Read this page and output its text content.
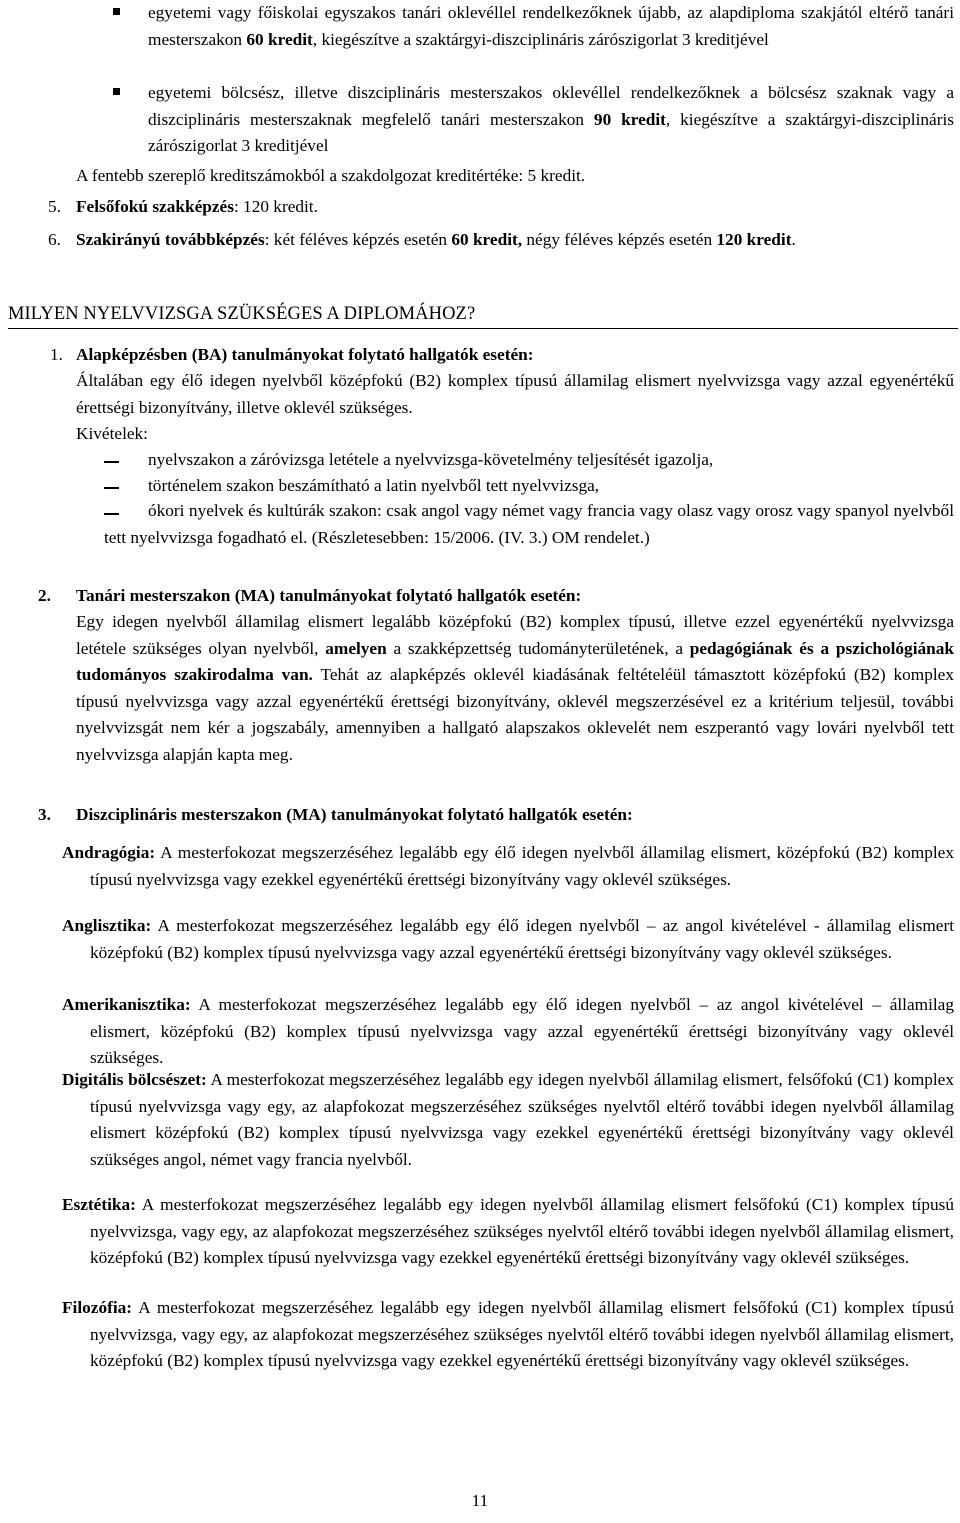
egyetemi vagy főiskolai egyszakos tanári oklevéllel rendelkezőknek újabb, az alapdiploma szakjától eltérő tanári mesterszakon 60 kredit, kiegészítve a szaktárgyi-diszciplináris zárószigorlat 3 kreditjével
egyetemi bölcsész, illetve diszciplináris mesterszakos oklevéllel rendelkezőknek a bölcsész szaknak vagy a diszciplináris mesterszaknak megfelelő tanári mesterszakon 90 kredit, kiegészítve a szaktárgyi-diszciplináris zárószigorlat 3 kreditjével
A fentebb szereplő kreditszámokból a szakdolgozat kreditértéke: 5 kredit.
5. Felsőfokú szakképzés: 120 kredit.
6. Szakirányú továbbképzés: két féléves képzés esetén 60 kredit, négy féléves képzés esetén 120 kredit.
MILYEN NYELVVIZSGA SZÜKSÉGES A DIPLOMÁHOZ?
1. Alapképzésben (BA) tanulmányokat folytató hallgatók esetén:
Általában egy élő idegen nyelvből középfokú (B2) komplex típusú államilag elismert nyelvvizsga vagy azzal egyenértékű érettségi bizonyítvány, illetve oklevél szükséges.
Kivételek:
nyelvszakon a záróvizsga letétele a nyelvvizsga-követelmény teljesítését igazolja,
történelem szakon beszámítható a latin nyelvből tett nyelvvizsga,
ókori nyelvek és kultúrák szakon: csak angol vagy német vagy francia vagy olasz vagy orosz vagy spanyol nyelvből tett nyelvvizsga fogadható el. (Részletesebben: 15/2006. (IV. 3.) OM rendelet.)
2. Tanári mesterszakon (MA) tanulmányokat folytató hallgatók esetén:
Egy idegen nyelvből államilag elismert legalább középfokú (B2) komplex típusú, illetve ezzel egyenértékű nyelvvizsga letétele szükséges olyan nyelvből, amelyen a szakképzettség tudományterületének, a pedagógiának és a pszichológiának tudományos szakirodalma van. Tehát az alapképzés oklevél kiadásának feltételéül támasztott középfokú (B2) komplex típusú nyelvvizsga vagy azzal egyenértékű érettségi bizonyítvány, oklevél megszerzésével ez a kritérium teljesül, további nyelvvizsgát nem kér a jogszabály, amennyiben a hallgató alapszakos oklevelét nem eszperantó vagy lovári nyelvből tett nyelvvizsga alapján kapta meg.
3. Diszciplináris mesterszakon (MA) tanulmányokat folytató hallgatók esetén:
Andragógia: A mesterfokozat megszerzéséhez legalább egy élő idegen nyelvből államilag elismert, középfokú (B2) komplex típusú nyelvvizsga vagy ezekkel egyenértékű érettségi bizonyítvány vagy oklevél szükséges.
Anglisztika: A mesterfokozat megszerzéséhez legalább egy élő idegen nyelvből – az angol kivételével - államilag elismert középfokú (B2) komplex típusú nyelvvizsga vagy azzal egyenértékű érettségi bizonyítvány vagy oklevél szükséges.
Amerikanisztika: A mesterfokozat megszerzéséhez legalább egy élő idegen nyelvből – az angol kivételével – államilag elismert, középfokú (B2) komplex típusú nyelvvizsga vagy azzal egyenértékű érettségi bizonyítvány vagy oklevél szükséges.
Digitális bölcsészet: A mesterfokozat megszerzéséhez legalább egy idegen nyelvből államilag elismert, felsőfokú (C1) komplex típusú nyelvvizsga vagy egy, az alapfokozat megszerzéséhez szükséges nyelvtől eltérő további idegen nyelvből államilag elismert középfokú (B2) komplex típusú nyelvvizsga vagy ezekkel egyenértékű érettségi bizonyítvány vagy oklevél szükséges angol, német vagy francia nyelvből.
Esztétika: A mesterfokozat megszerzéséhez legalább egy idegen nyelvből államilag elismert felsőfokú (C1) komplex típusú nyelvvizsga, vagy egy, az alapfokozat megszerzéséhez szükséges nyelvtől eltérő további idegen nyelvből államilag elismert, középfokú (B2) komplex típusú nyelvvizsga vagy ezekkel egyenértékű érettségi bizonyítvány vagy oklevél szükséges.
Filozófia: A mesterfokozat megszerzéséhez legalább egy idegen nyelvből államilag elismert felsőfokú (C1) komplex típusú nyelvvizsga, vagy egy, az alapfokozat megszerzéséhez szükséges nyelvtől eltérő további idegen nyelvből államilag elismert, középfokú (B2) komplex típusú nyelvvizsga vagy ezekkel egyenértékű érettségi bizonyítvány vagy oklevél szükséges.
11
